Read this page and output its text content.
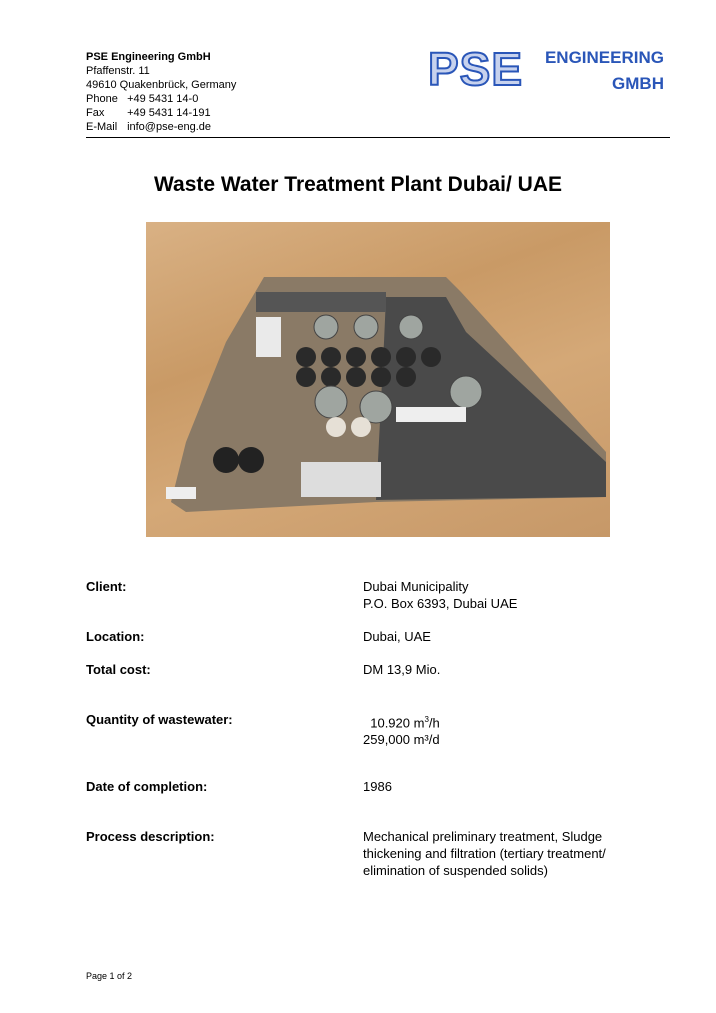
PSE Engineering GmbH
Pfaffenstr. 11
49610 Quakenbrück, Germany
Phone +49 5431 14-0
Fax +49 5431 14-191
E-Mail info@pse-eng.de
PSE ENGINEERING
GMBH
Waste Water Treatment Plant Dubai/ UAE
Client:	Dubai Municipality
P.O. Box 6393, Dubai UAE
Location:	Dubai, UAE
Total cost:	DM 13,9 Mio.
Quantity of wastewater:	10.920 $m^3/h$
259,000 m³/d
Date of completion:	1986
Process description:	Mechanical preliminary treatment, Sludge
thickening and filtration (tertiary treatment/
elimination of suspended solids)
Page 1 of 2
